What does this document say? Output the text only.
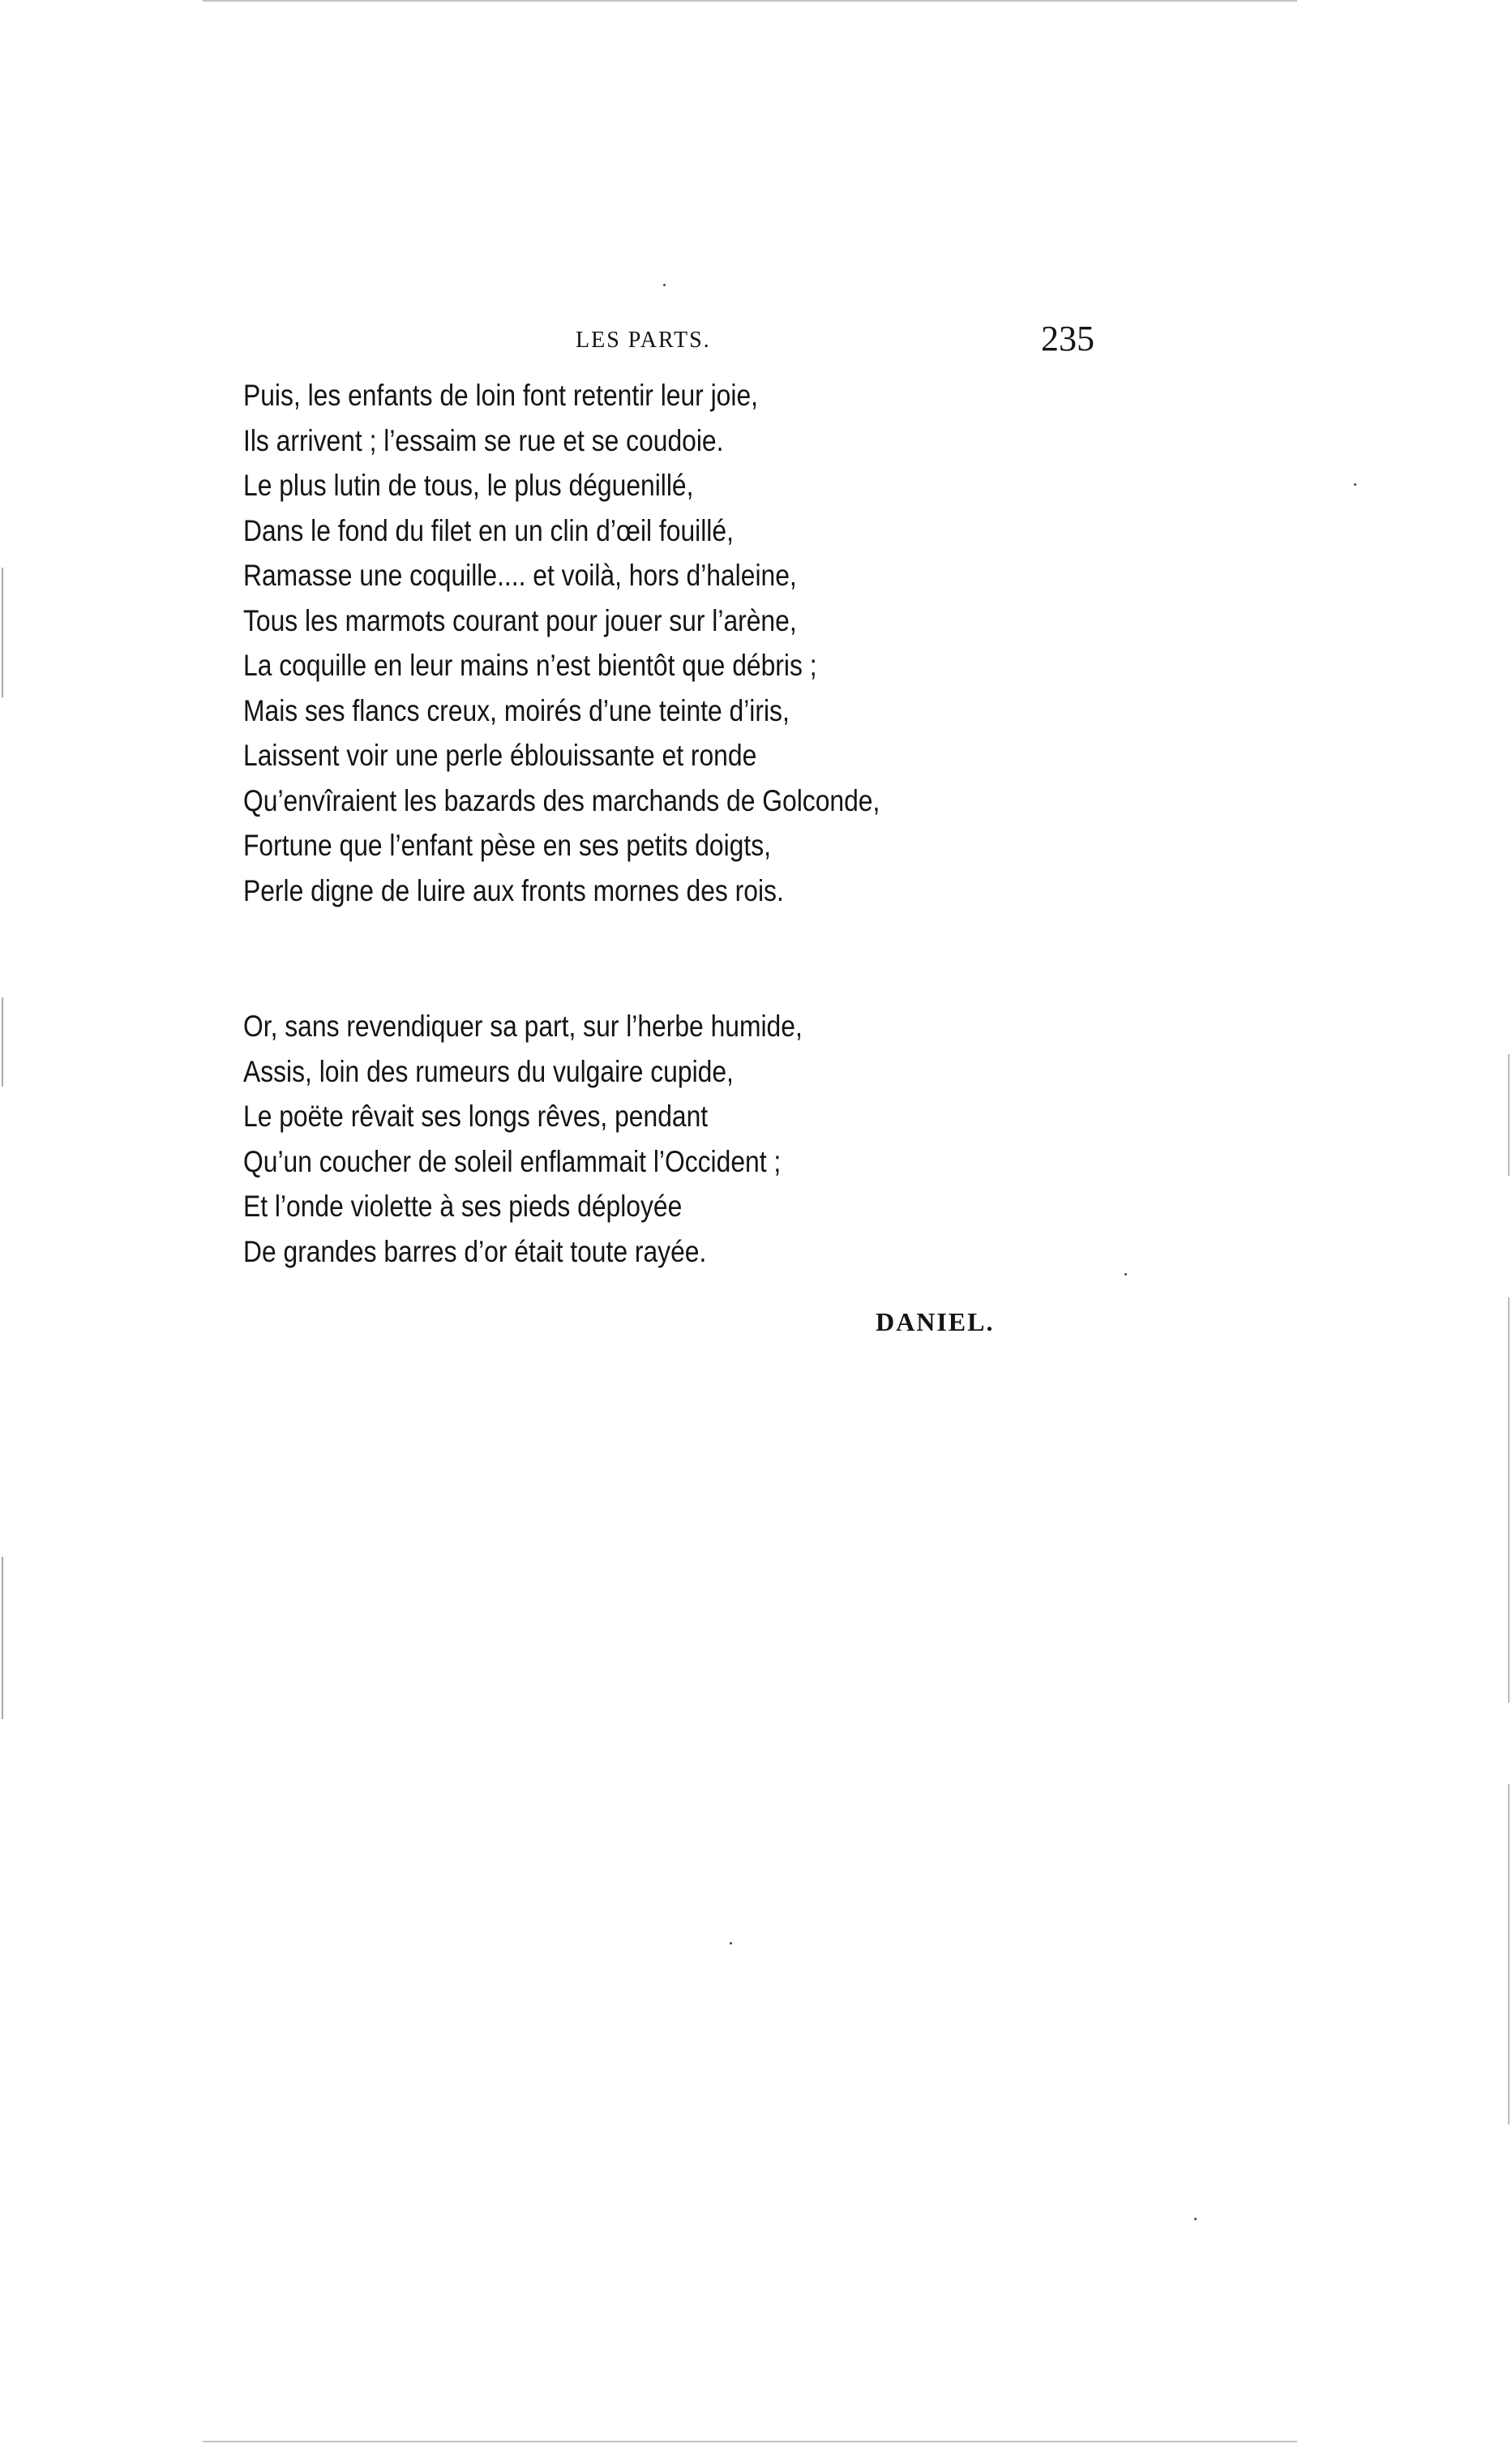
LES PARTS.	235
Puis, les enfants de loin font retentir leur joie,
Ils arrivent ; l’essaim se rue et se coudoie.
Le plus lutin de tous, le plus déguenillé,
Dans le fond du filet en un clin d’œil fouillé,
Ramasse une coquille.... et voilà, hors d’haleine,
Tous les marmots courant pour jouer sur l’arène,
La coquille en leur mains n’est bientôt que débris ;
Mais ses flancs creux, moirés d’une teinte d’iris,
Laissent voir une perle éblouissante et ronde
Qu’envîraient les bazards des marchands de Golconde,
Fortune que l’enfant pèse en ses petits doigts,
Perle digne de luire aux fronts mornes des rois.
Or, sans revendiquer sa part, sur l’herbe humide,
Assis, loin des rumeurs du vulgaire cupide,
Le poëte rêvait ses longs rêves, pendant
Qu’un coucher de soleil enflammait l’Occident ;
Et l’onde violette à ses pieds déployée
De grandes barres d’or était toute rayée.
DANIEL.
